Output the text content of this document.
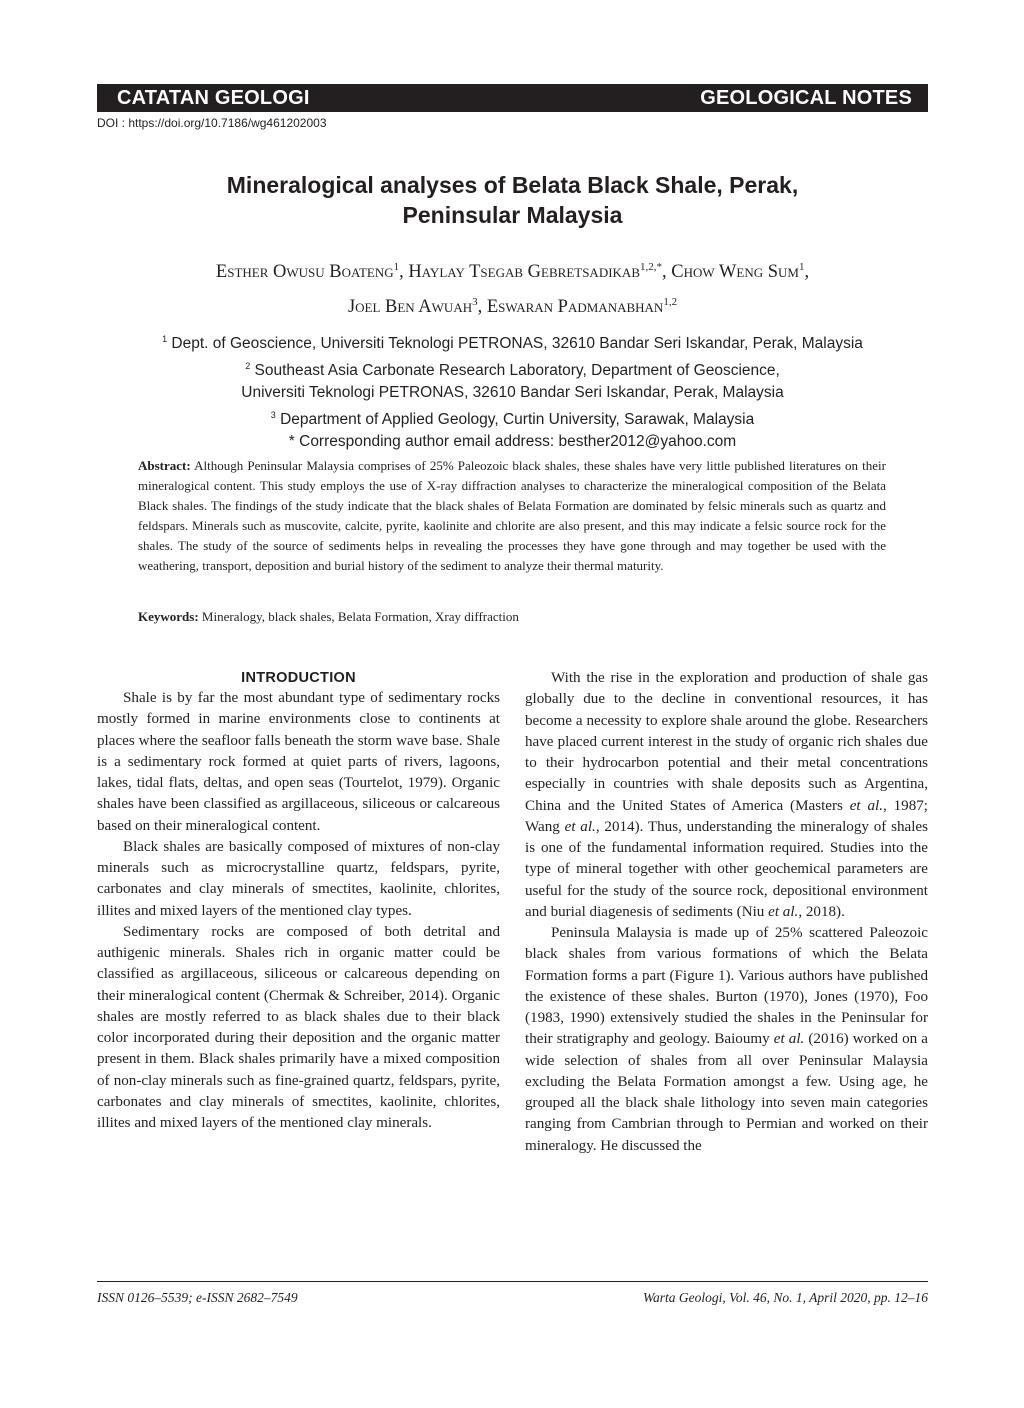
CATATAN GEOLOGI	GEOLOGICAL NOTES
DOI : https://doi.org/10.7186/wg461202003
Mineralogical analyses of Belata Black Shale, Perak,
Peninsular Malaysia
Esther Owusu Boateng$^1$, Haylay Tsegab Gebretsadikab$^{1,2,*}$, Chow Weng Sum$^1$,
Joel Ben Awuah$^3$, Eswaran Padmanabhan$^{1,2}$
$^1$ Dept. of Geoscience, Universiti Teknologi PETRONAS, 32610 Bandar Seri Iskandar, Perak, Malaysia
$^2$ Southeast Asia Carbonate Research Laboratory, Department of Geoscience,
Universiti Teknologi PETRONAS, 32610 Bandar Seri Iskandar, Perak, Malaysia
$^3$ Department of Applied Geology, Curtin University, Sarawak, Malaysia
* Corresponding author email address: besther2012@yahoo.com
Abstract: Although Peninsular Malaysia comprises of 25% Paleozoic black shales, these shales have very little published literatures on their mineralogical content. This study employs the use of X-ray diffraction analyses to characterize the mineralogical composition of the Belata Black shales. The findings of the study indicate that the black shales of Belata Formation are dominated by felsic minerals such as quartz and feldspars. Minerals such as muscovite, calcite, pyrite, kaolinite and chlorite are also present, and this may indicate a felsic source rock for the shales. The study of the source of sediments helps in revealing the processes they have gone through and may together be used with the weathering, transport, deposition and burial history of the sediment to analyze their thermal maturity.
Keywords: Mineralogy, black shales, Belata Formation, Xray diffraction
INTRODUCTION

Shale is by far the most abundant type of sedimentary rocks mostly formed in marine environments close to continents at places where the seafloor falls beneath the storm wave base. Shale is a sedimentary rock formed at quiet parts of rivers, lagoons, lakes, tidal flats, deltas, and open seas (Tourtelot, 1979). Organic shales have been classified as argillaceous, siliceous or calcareous based on their mineralogical content.

Black shales are basically composed of mixtures of non-clay minerals such as microcrystalline quartz, feldspars, pyrite, carbonates and clay minerals of smectites, kaolinite, chlorites, illites and mixed layers of the mentioned clay types.

Sedimentary rocks are composed of both detrital and authigenic minerals. Shales rich in organic matter could be classified as argillaceous, siliceous or calcareous depending on their mineralogical content (Chermak & Schreiber, 2014). Organic shales are mostly referred to as black shales due to their black color incorporated during their deposition and the organic matter present in them. Black shales primarily have a mixed composition of non-clay minerals such as fine-grained quartz, feldspars, pyrite, carbonates and clay minerals of smectites, kaolinite, chlorites, illites and mixed layers of the mentioned clay minerals.

With the rise in the exploration and production of shale gas globally due to the decline in conventional resources, it has become a necessity to explore shale around the globe. Researchers have placed current interest in the study of organic rich shales due to their hydrocarbon potential and their metal concentrations especially in countries with shale deposits such as Argentina, China and the United States of America (Masters et al., 1987; Wang et al., 2014). Thus, understanding the mineralogy of shales is one of the fundamental information required. Studies into the type of mineral together with other geochemical parameters are useful for the study of the source rock, depositional environment and burial diagenesis of sediments (Niu et al., 2018).

Peninsula Malaysia is made up of 25% scattered Paleozoic black shales from various formations of which the Belata Formation forms a part (Figure 1). Various authors have published the existence of these shales. Burton (1970), Jones (1970), Foo (1983, 1990) extensively studied the shales in the Peninsular for their stratigraphy and geology. Baioumy et al. (2016) worked on a wide selection of shales from all over Peninsular Malaysia excluding the Belata Formation amongst a few. Using age, he grouped all the black shale lithology into seven main categories ranging from Cambrian through to Permian and worked on their mineralogy. He discussed the

ISSN 0126–5539; e-ISSN 2682–7549	Warta Geologi, Vol. 46, No. 1, April 2020, pp. 12–16
